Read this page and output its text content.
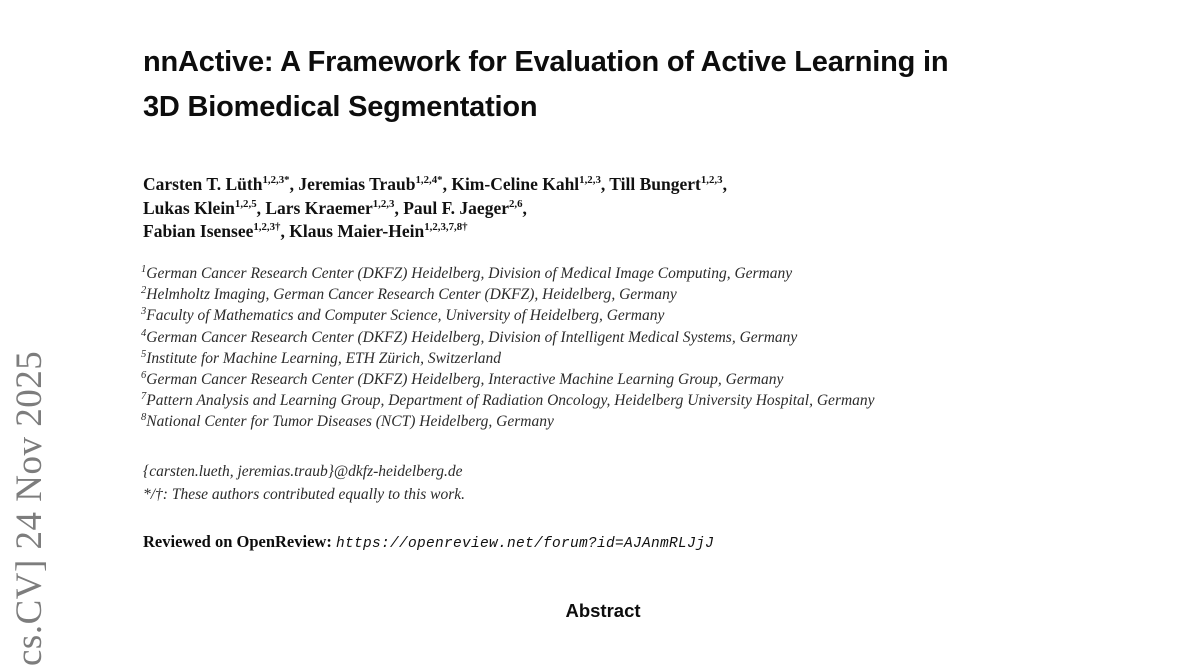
cs.CV] 24 Nov 2025
nnActive: A Framework for Evaluation of Active Learning in
3D Biomedical Segmentation
Carsten T. Lüth$^{1,2,3*}$, Jeremias Traub$^{1,2,4*}$, Kim-Celine Kahl$^{1,2,3}$, Till Bungert$^{1,2,3}$,
Lukas Klein$^{1,2,5}$, Lars Kraemer$^{1,2,3}$, Paul F. Jaeger$^{2,6}$,
Fabian Isensee$^{1,2,3\dagger}$, Klaus Maier-Hein$^{1,2,3,7,8\dagger}$
$^1$German Cancer Research Center (DKFZ) Heidelberg, Division of Medical Image Computing, Germany
$^2$Helmholtz Imaging, German Cancer Research Center (DKFZ), Heidelberg, Germany
$^3$Faculty of Mathematics and Computer Science, University of Heidelberg, Germany
$^4$German Cancer Research Center (DKFZ) Heidelberg, Division of Intelligent Medical Systems, Germany
$^5$Institute for Machine Learning, ETH Zürich, Switzerland
$^6$German Cancer Research Center (DKFZ) Heidelberg, Interactive Machine Learning Group, Germany
$^7$Pattern Analysis and Learning Group, Department of Radiation Oncology, Heidelberg University Hospital, Germany
$^8$National Center for Tumor Diseases (NCT) Heidelberg, Germany
{carsten.lueth, jeremias.traub}@dkfz-heidelberg.de
*/†: These authors contributed equally to this work.
Reviewed on OpenReview: https://openreview.net/forum?id=AJAnmRLJjJ
Abstract
